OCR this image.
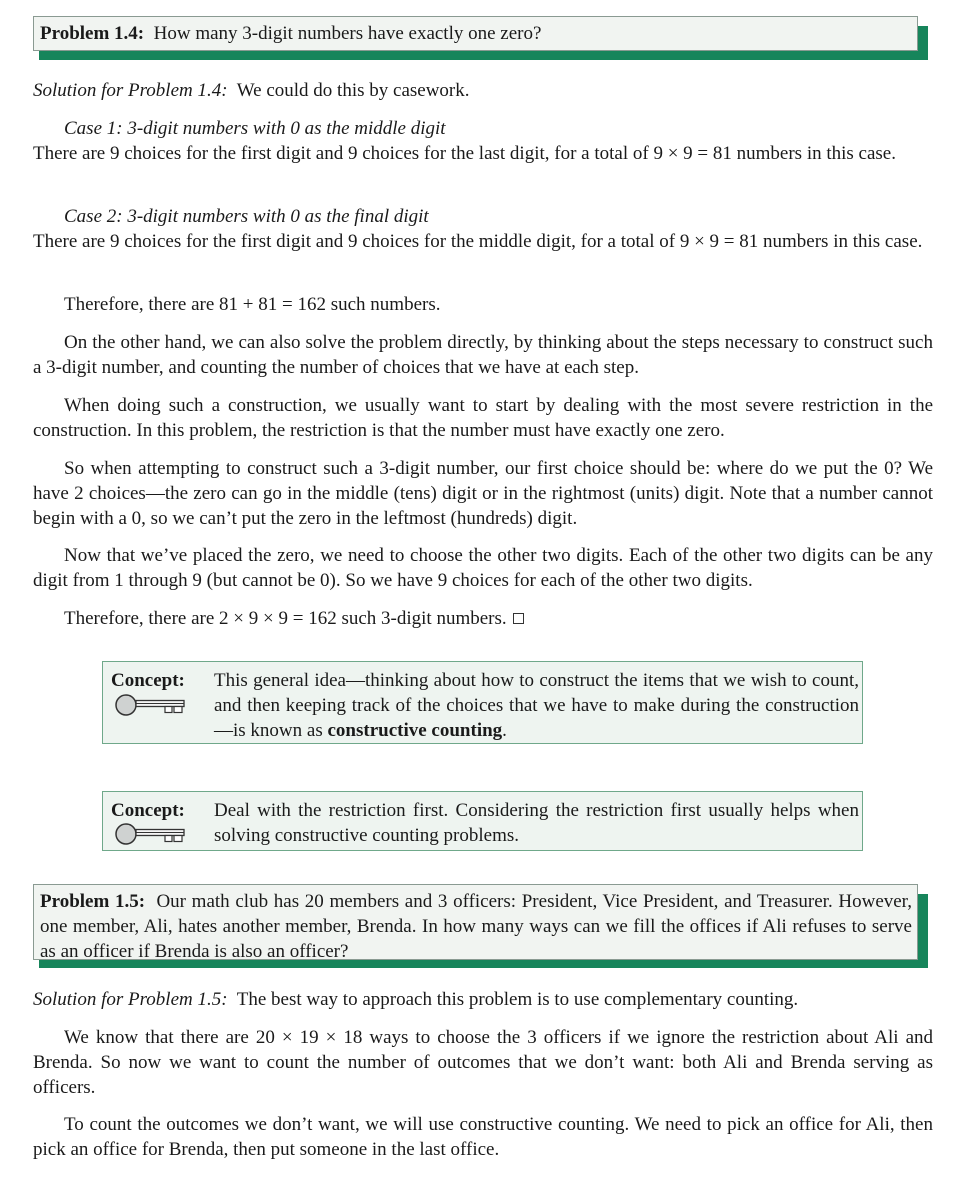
Problem 1.4: How many 3-digit numbers have exactly one zero?
Solution for Problem 1.4: We could do this by casework.
Case 1: 3-digit numbers with 0 as the middle digit
There are 9 choices for the first digit and 9 choices for the last digit, for a total of 9 × 9 = 81 numbers in this case.
Case 2: 3-digit numbers with 0 as the final digit
There are 9 choices for the first digit and 9 choices for the middle digit, for a total of 9 × 9 = 81 numbers in this case.
Therefore, there are 81 + 81 = 162 such numbers.
On the other hand, we can also solve the problem directly, by thinking about the steps necessary to construct such a 3-digit number, and counting the number of choices that we have at each step.
When doing such a construction, we usually want to start by dealing with the most severe restriction in the construction. In this problem, the restriction is that the number must have exactly one zero.
So when attempting to construct such a 3-digit number, our first choice should be: where do we put the 0? We have 2 choices—the zero can go in the middle (tens) digit or in the rightmost (units) digit. Note that a number cannot begin with a 0, so we can’t put the zero in the leftmost (hundreds) digit.
Now that we’ve placed the zero, we need to choose the other two digits. Each of the other two digits can be any digit from 1 through 9 (but cannot be 0). So we have 9 choices for each of the other two digits.
Therefore, there are 2 × 9 × 9 = 162 such 3-digit numbers.
Concept: This general idea—thinking about how to construct the items that we wish to count, and then keeping track of the choices that we have to make during the construction—is known as constructive counting.
Concept: Deal with the restriction first. Considering the restriction first usually helps when solving constructive counting problems.
Problem 1.5: Our math club has 20 members and 3 officers: President, Vice President, and Treasurer. However, one member, Ali, hates another member, Brenda. In how many ways can we fill the offices if Ali refuses to serve as an officer if Brenda is also an officer?
Solution for Problem 1.5: The best way to approach this problem is to use complementary counting.
We know that there are 20 × 19 × 18 ways to choose the 3 officers if we ignore the restriction about Ali and Brenda. So now we want to count the number of outcomes that we don’t want: both Ali and Brenda serving as officers.
To count the outcomes we don’t want, we will use constructive counting. We need to pick an office for Ali, then pick an office for Brenda, then put someone in the last office.
